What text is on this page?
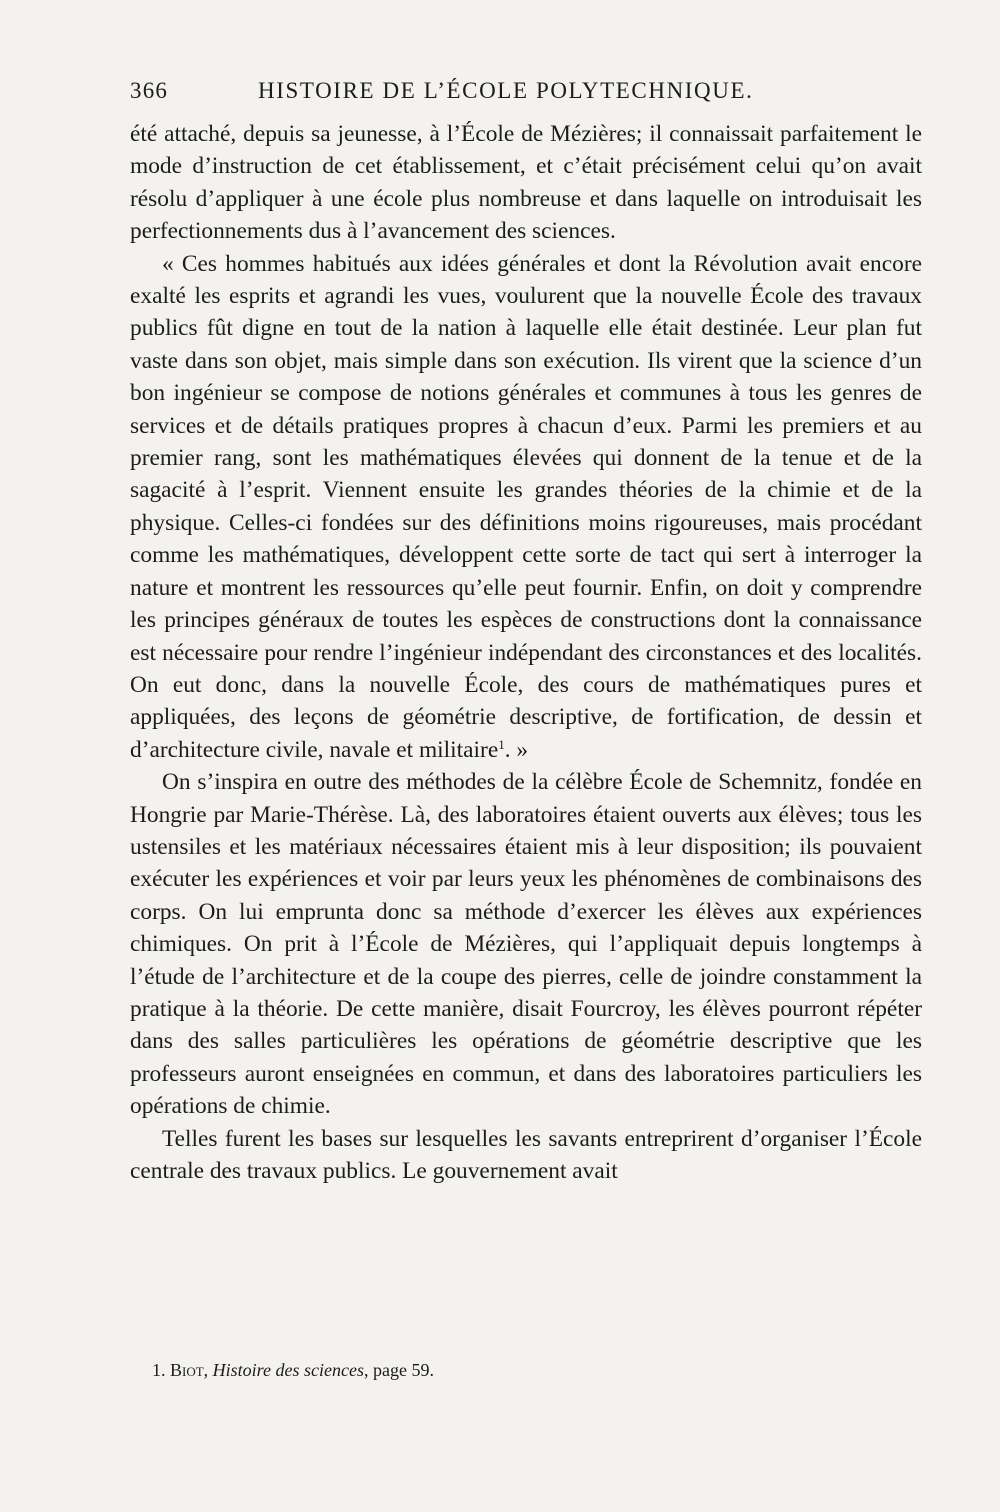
366	HISTOIRE DE L’ÉCOLE POLYTECHNIQUE.

été attaché, depuis sa jeunesse, à l’École de Mézières; il connaissait parfaitement le mode d’instruction de cet établissement, et c’était précisément celui qu’on avait résolu d’appliquer à une école plus nombreuse et dans laquelle on introduisait les perfectionnements dus à l’avancement des sciences.

« Ces hommes habitués aux idées générales et dont la Révolution avait encore exalté les esprits et agrandi les vues, voulurent que la nouvelle École des travaux publics fût digne en tout de la nation à laquelle elle était destinée. Leur plan fut vaste dans son objet, mais simple dans son exécution. Ils virent que la science d’un bon ingénieur se compose de notions générales et communes à tous les genres de services et de détails pratiques propres à chacun d’eux. Parmi les premiers et au premier rang, sont les mathématiques élevées qui donnent de la tenue et de la sagacité à l’esprit. Viennent ensuite les grandes théories de la chimie et de la physique. Celles-ci fondées sur des définitions moins rigoureuses, mais procédant comme les mathématiques, développent cette sorte de tact qui sert à interroger la nature et montrent les ressources qu’elle peut fournir. Enfin, on doit y comprendre les principes généraux de toutes les espèces de constructions dont la connaissance est nécessaire pour rendre l’ingénieur indépendant des circonstances et des localités. On eut donc, dans la nouvelle École, des cours de mathématiques pures et appliquées, des leçons de géométrie descriptive, de fortification, de dessin et d’architecture civile, navale et militaire$^1$. »

On s’inspira en outre des méthodes de la célèbre École de Schemnitz, fondée en Hongrie par Marie-Thérèse. Là, des laboratoires étaient ouverts aux élèves; tous les ustensiles et les matériaux nécessaires étaient mis à leur disposition; ils pouvaient exécuter les expériences et voir par leurs yeux les phénomènes de combinaisons des corps. On lui emprunta donc sa méthode d’exercer les élèves aux expériences chimiques. On prit à l’École de Mézières, qui l’appliquait depuis longtemps à l’étude de l’architecture et de la coupe des pierres, celle de joindre constamment la pratique à la théorie. De cette manière, disait Fourcroy, les élèves pourront répéter dans des salles particulières les opérations de géométrie descriptive que les professeurs auront enseignées en commun, et dans des laboratoires particuliers les opérations de chimie.

Telles furent les bases sur lesquelles les savants entreprirent d’organiser l’École centrale des travaux publics. Le gouvernement avait

1. Biot, Histoire des sciences, page 59.
